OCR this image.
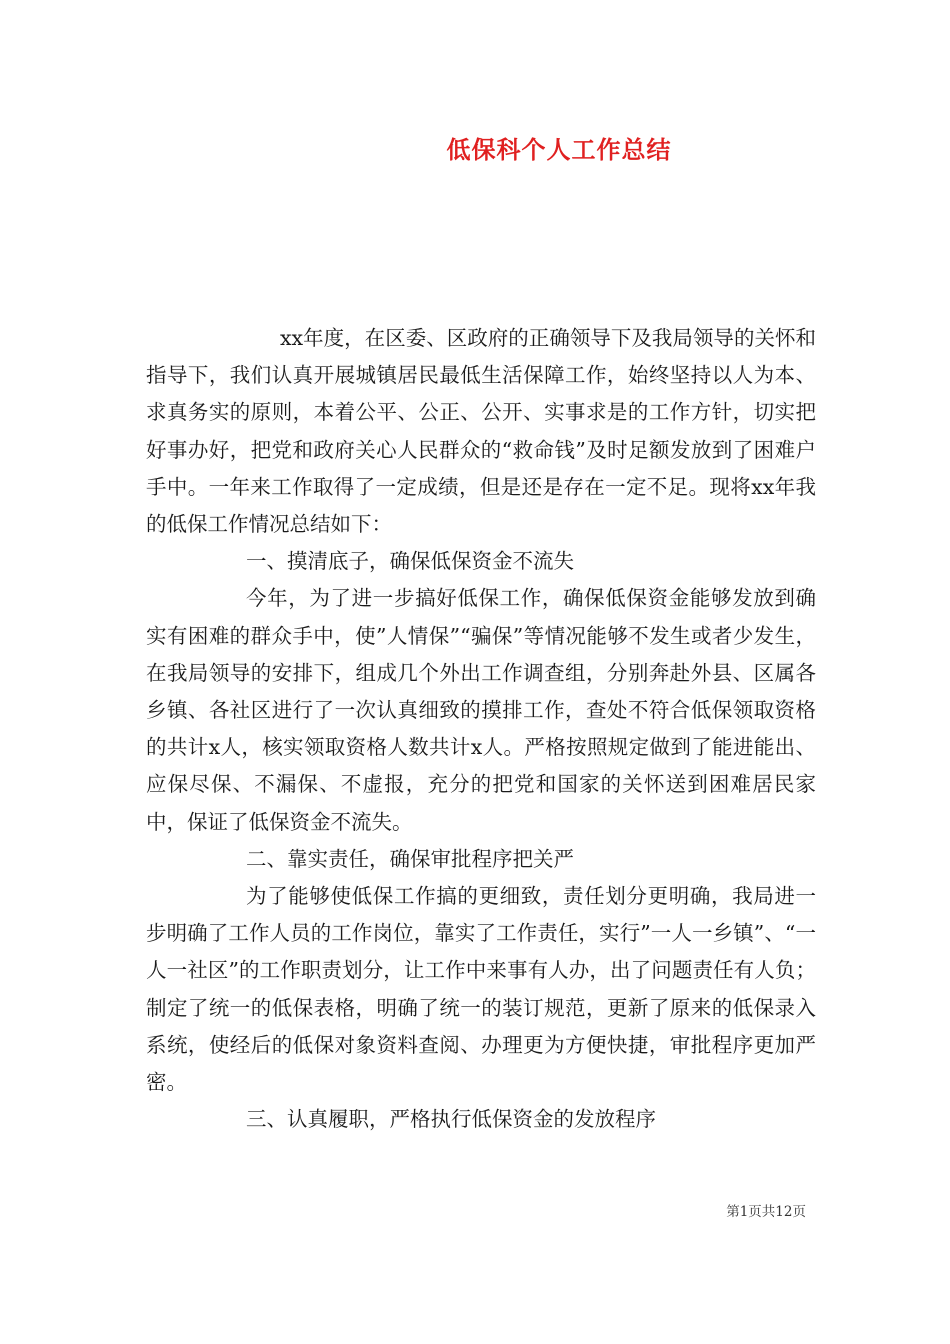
低保科个人工作总结

xx年度，在区委、区政府的正确领导下及我局领导的关怀和指导下，我们认真开展城镇居民最低生活保障工作，始终坚持以人为本、求真务实的原则，本着公平、公正、公开、实事求是的工作方针，切实把好事办好，把党和政府关心人民群众的“救命钱”及时足额发放到了困难户手中。一年来工作取得了一定成绩，但是还是存在一定不足。现将xx年我的低保工作情况总结如下：

一、摸清底子，确保低保资金不流失

今年，为了进一步搞好低保工作，确保低保资金能够发放到确实有困难的群众手中，使”人情保”“骗保”等情况能够不发生或者少发生，在我局领导的安排下，组成几个外出工作调查组，分别奔赴外县、区属各乡镇、各社区进行了一次认真细致的摸排工作，查处不符合低保领取资格的共计x人，核实领取资格人数共计x人。严格按照规定做到了能进能出、应保尽保、不漏保、不虚报，充分的把党和国家的关怀送到困难居民家中，保证了低保资金不流失。

二、靠实责任，确保审批程序把关严

为了能够使低保工作搞的更细致，责任划分更明确，我局进一步明确了工作人员的工作岗位，靠实了工作责任，实行”一人一乡镇”、“一人一社区”的工作职责划分，让工作中来事有人办，出了问题责任有人负；制定了统一的低保表格，明确了统一的装订规范，更新了原来的低保录入系统，使经后的低保对象资料查阅、办理更为方便快捷，审批程序更加严密。

三、认真履职，严格执行低保资金的发放程序

第1页共12页
